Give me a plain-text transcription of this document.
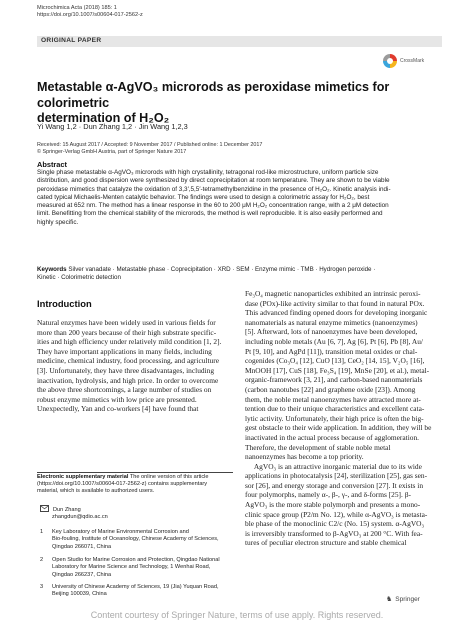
Microchimica Acta (2018) 185: 1
https://doi.org/10.1007/s00604-017-2562-z
ORIGINAL PAPER
CrossMark
Metastable α-AgVO₃ microrods as peroxidase mimetics for colorimetric
determination of H₂O₂
Yi Wang 1,2 · Dun Zhang 1,2 · Jin Wang 1,2,3
Received: 15 August 2017 / Accepted: 9 November 2017 / Published online: 1 December 2017
© Springer-Verlag GmbH Austria, part of Springer Nature 2017
Abstract
Single phase metastable α-AgVO₃ microrods with high crystallinity, tetragonal rod-like microstructure, uniform particle size
distribution, and good dispersion were synthesized by direct coprecipitation at room temperature. They are shown to be viable
peroxidase mimetics that catalyze the oxidation of 3,3′,5,5′-tetramethylbenzidine in the presence of H₂O₂. Kinetic analysis indi-
cated typical Michaelis-Menten catalytic behavior. The findings were used to design a colorimetric assay for H₂O₂, best
measured at 652 nm. The method has a linear response in the 60 to 200 μM H₂O₂ concentration range, with a 2 μM detection
limit. Benefitting from the chemical stability of the microrods, the method is well reproducible. It is also easily performed and
highly specific.
Keywords Silver vanadate · Metastable phase · Coprecipitation · XRD · SEM · Enzyme mimic · TMB · Hydrogen peroxide ·
Kinetic · Colorimetric detection
Introduction
Natural enzymes have been widely used in various fields for
more than 200 years because of their high substrate specific-
ities and high efficiency under relatively mild condition [1, 2].
They have important applications in many fields, including
medicine, chemical industry, food processing, and agriculture
[3]. Unfortunately, they have three disadvantages, including
inactivation, hydrolysis, and high price. In order to overcome
the above three shortcomings, a large number of studies on
robust enzyme mimetics with low price are presented.
Unexpectedly, Yan and co-workers [4] have found that
Fe₃O₄ magnetic nanoparticles exhibited an intrinsic peroxi-
dase (POx)-like activity similar to that found in natural POx.
This advanced finding opened doors for developing inorganic
nanomaterials as natural enzyme mimetics (nanoenzymes)
[5]. Afterward, lots of nanoenzymes have been developed,
including noble metals (Au [6, 7], Ag [6], Pt [6], Pb [8], Au/
Pt [9, 10], and AgPd [11]), transition metal oxides or chal-
cogenides (Co₃O₄ [12], CuO [13], CeO₂ [14, 15], V₂O₅ [16],
MnOOH [17], CuS [18], Fe₃S₄ [19], MnSe [20], et al.), metal-
organic-framework [3, 21], and carbon-based nanomaterials
(carbon nanotubes [22] and graphene oxide [23]). Among
them, the noble metal nanoenzymes have attracted more at-
tention due to their unique characteristics and excellent cata-
lytic activity. Unfortunately, their high price is often the big-
gest obstacle to their wide application. In addition, they will be
inactivated in the actual process because of agglomeration.
Therefore, the development of stable noble metal
nanoenzymes has become a top priority.
AgVO₃ is an attractive inorganic material due to its wide
applications in photocatalysis [24], sterilization [25], gas sen-
sor [26], and energy storage and conversion [27]. It exists in
four polymorphs, namely α-, β-, γ-, and δ-forms [25]. β-
AgVO₃ is the more stable polymorph and presents a mono-
clinic space group (P2/m No. 12), while α-AgVO₃ is metasta-
ble phase of the monoclinic C2/c (No. 15) system. α-AgVO₃
is irreversibly transformed to β-AgVO₃ at 200 °C. With fea-
tures of peculiar electron structure and stable chemical
Electronic supplementary material The online version of this article
(https://doi.org/10.1007/s00604-017-2562-z) contains supplementary
material, which is available to authorized users.
Dun Zhang
zhangdun@qdio.ac.cn
1 Key Laboratory of Marine Environmental Corrosion and
Bio-fouling, Institute of Oceanology, Chinese Academy of Sciences,
Qingdao 266071, China
2 Open Studio for Marine Corrosion and Protection, Qingdao National
Laboratory for Marine Science and Technology, 1 Wenhai Road,
Qingdao 266237, China
3 University of Chinese Academy of Sciences, 19 (Jia) Yuquan Road,
Beijing 100039, China
♞ Springer
Content courtesy of Springer Nature, terms of use apply. Rights reserved.
